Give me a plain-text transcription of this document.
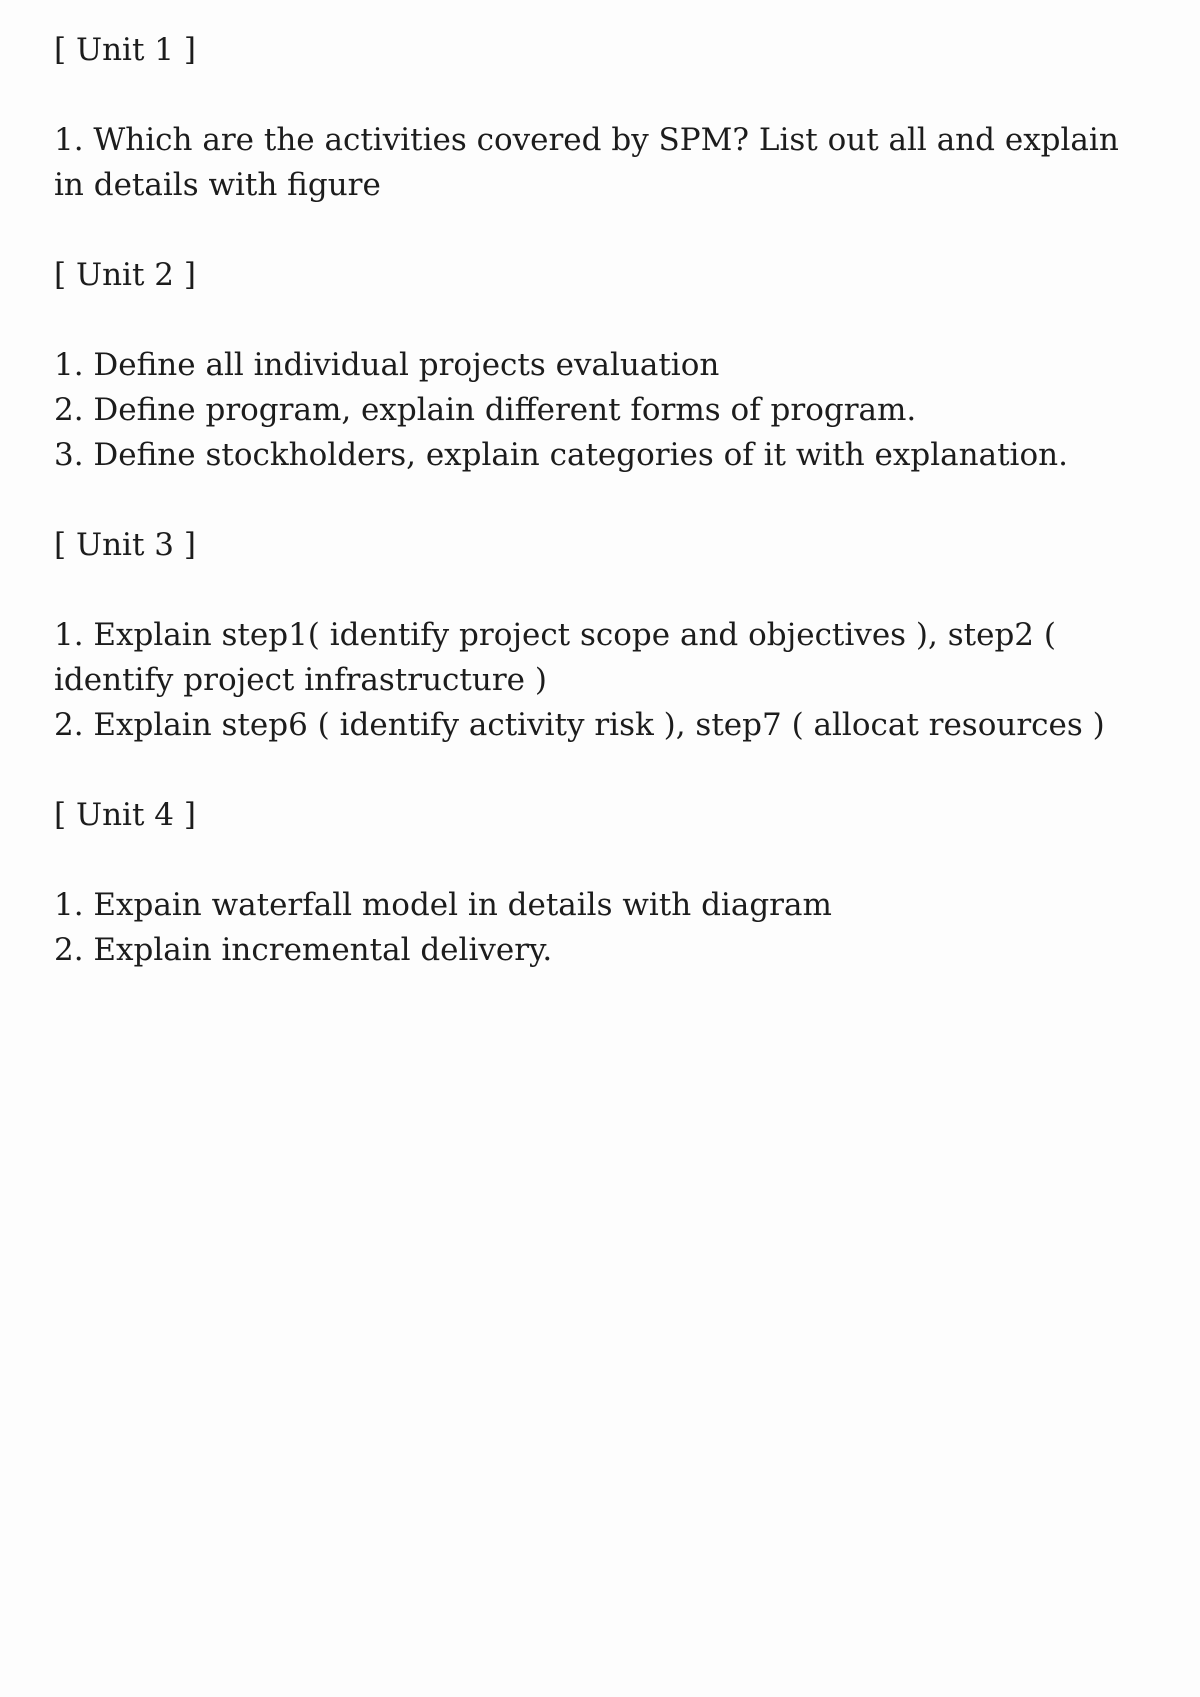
[ Unit 1 ]
1. Which are the activities covered by SPM? List out all and explain in details with figure
[ Unit 2 ]
1. Define all individual projects evaluation
2. Define program, explain different forms of program.
3. Define stockholders, explain categories of it with explanation.
[ Unit 3 ]
1. Explain step1( identify project scope and objectives ), step2 ( identify project infrastructure )
2. Explain step6 ( identify activity risk ), step7 ( allocat resources )
[ Unit 4 ]
1. Expain waterfall model in details with diagram
2. Explain incremental delivery.
